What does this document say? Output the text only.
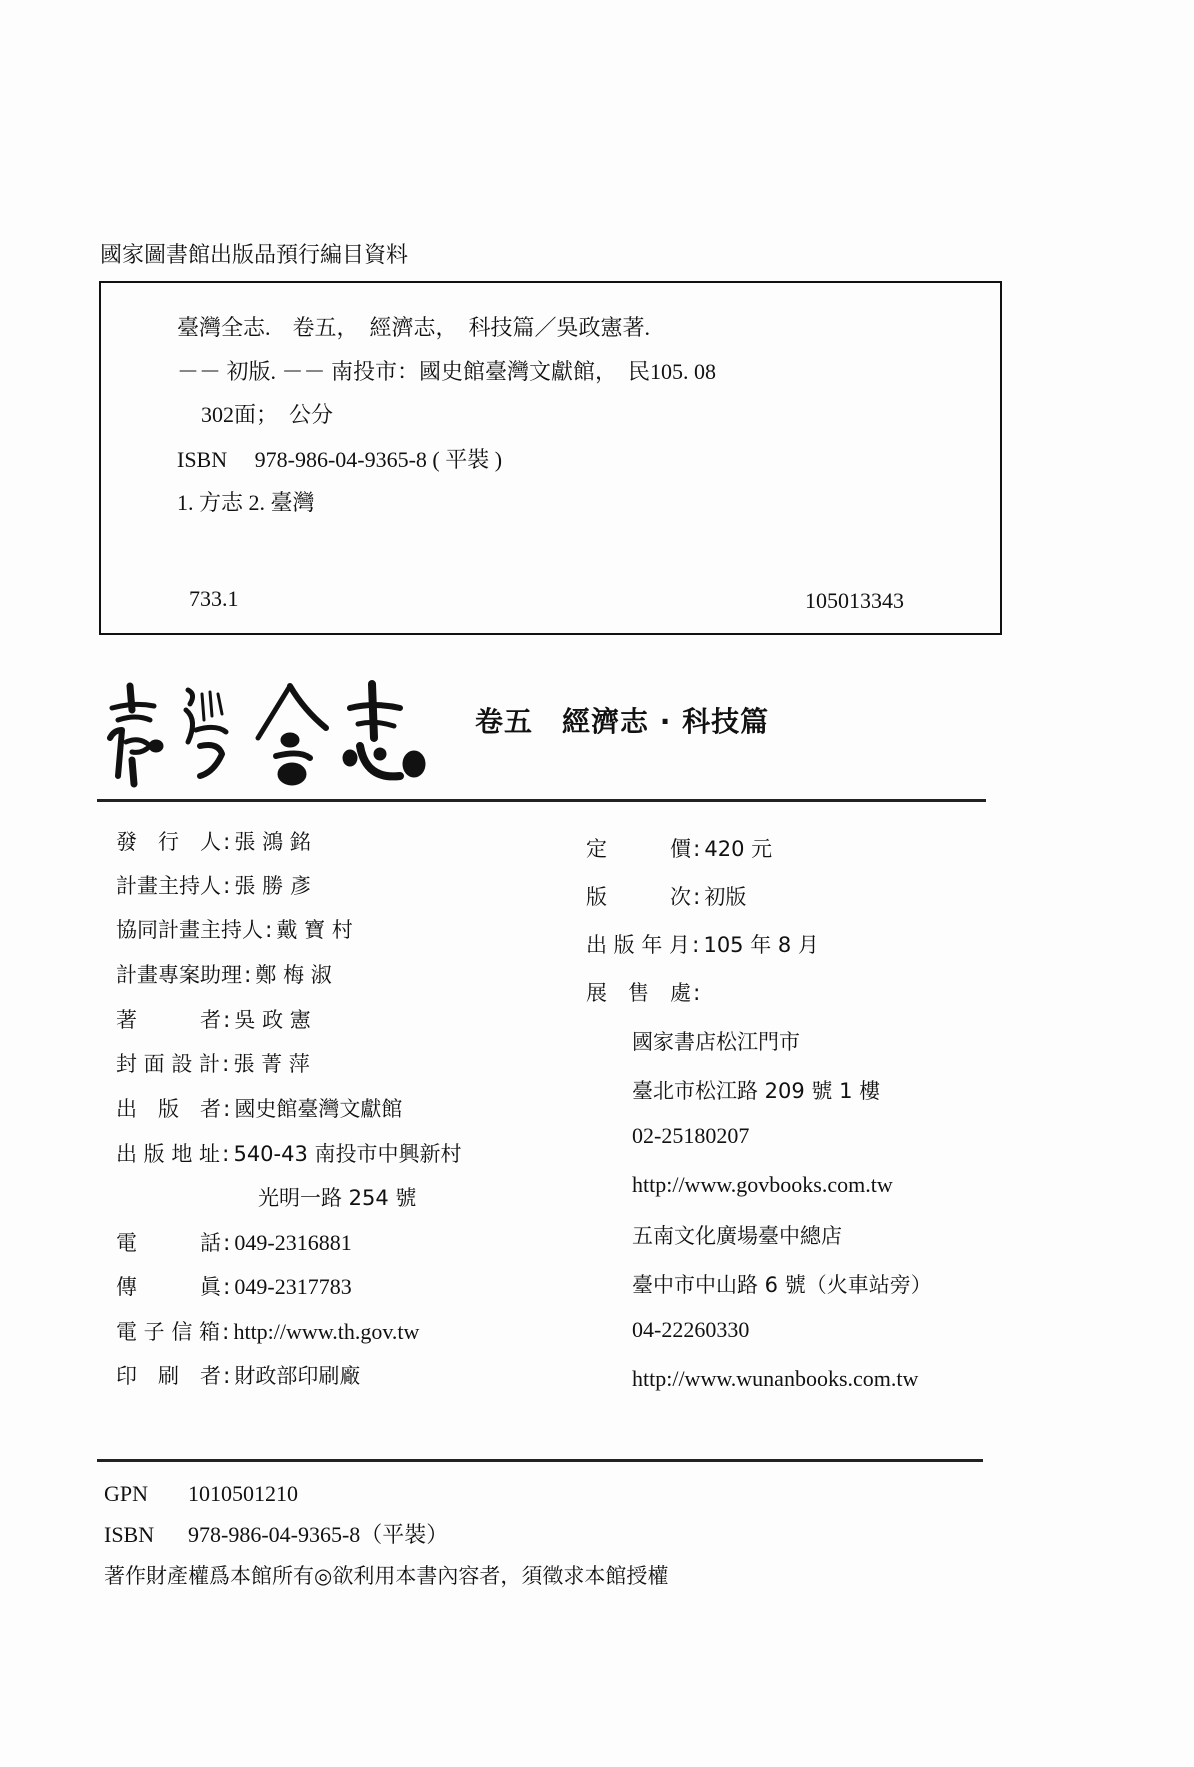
國家圖書館出版品預行編目資料
臺灣全志.　卷五，　經濟志，　科技篇／吳政憲著.
－－ 初版. －－ 南投市：國史館臺灣文獻館，　民105. 08
302面；　公分
ISBN　 978-986-04-9365-8 ( 平裝 )
1. 方志 2. 臺灣
733.1	105013343
卷五　經濟志 · 科技篇
發　行　人 : 張 鴻 銘
計畫主持人 : 張 勝 彥
協同計畫主持人 : 戴 寶 村
計畫專案助理 : 鄭 梅 淑
著　　　者 : 吳 政 憲
封 面 設 計 : 張 菁 萍
出　版　者 : 國史館臺灣文獻館
出 版 地 址 : 540-43 南投市中興新村
光明一路 254 號
電　　　話 : 049-2316881
傳　　　眞 : 049-2317783
電 子 信 箱 : http://www.th.gov.tw
印　刷　者 : 財政部印刷廠
定　　　價 : 420 元
版　　　次 : 初版
出 版 年 月 : 105 年 8 月
展　售　處 :
國家書店松江門市
臺北市松江路 209 號 1 樓
02-25180207
http://www.govbooks.com.tw
五南文化廣場臺中總店
臺中市中山路 6 號（火車站旁）
04-22260330
http://www.wunanbooks.com.tw
GPN 1010501210
ISBN 978-986-04-9365-8（平裝）
著作財產權爲本館所有◎欲利用本書內容者，須徵求本館授權
